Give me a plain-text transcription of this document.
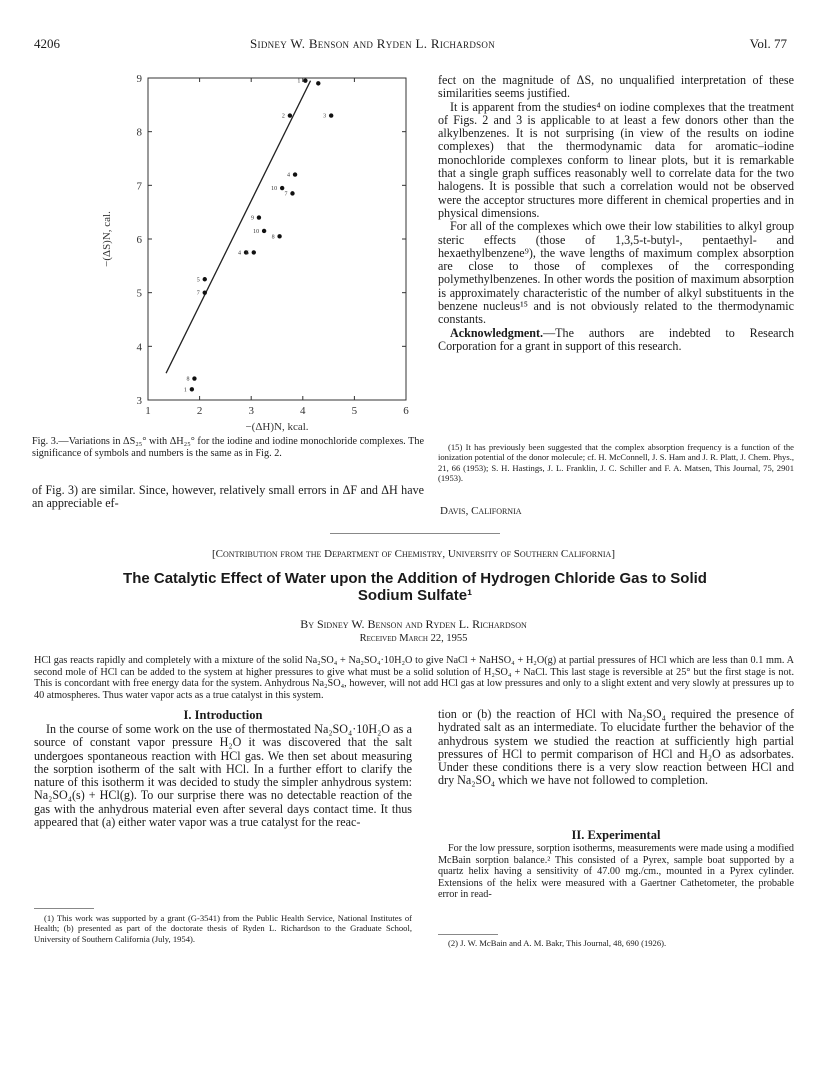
4206	Sidney W. Benson and Ryden L. Richardson	Vol. 77
1	2	3	4	5	6
3
4
5
6
7
8
9	1
2	3
4
10
7
9
10
8
4 6
5
7
8
1
−(ΔH)N, kcal.
−(ΔS)N, cal.
Fig. 3.—Variations in ΔS₂₅° with ΔH₂₅° for the iodine and iodine monochloride complexes. The significance of symbols and numbers is the same as in Fig. 2.

of Fig. 3) are similar. Since, however, relatively small errors in ΔF and ΔH have an appreciable ef-

fect on the magnitude of ΔS, no unqualified interpretation of these similarities seems justified.

It is apparent from the studies⁴ on iodine complexes that the treatment of Figs. 2 and 3 is applicable to at least a few donors other than the alkylbenzenes. It is not surprising (in view of the results on iodine complexes) that the thermodynamic data for aromatic–iodine monochloride complexes conform to linear plots, but it is remarkable that a single graph suffices reasonably well to correlate data for the two halogens. It is possible that such a correlation would not be observed were the acceptor structures more different in chemical properties and in physical dimensions.

For all of the complexes which owe their low stabilities to alkyl group steric effects (those of 1,3,5-t-butyl-, pentaethyl- and hexaethylbenzene⁹), the wave lengths of maximum complex absorption are close to those of complexes of the corresponding polymethylbenzenes. In other words the position of maximum absorption is approximately characteristic of the number of alkyl substituents in the benzene nucleus¹⁵ and is not obviously related to the thermodynamic constants.

Acknowledgment.—The authors are indebted to Research Corporation for a grant in support of this research.

(15) It has previously been suggested that the complex absorption frequency is a function of the ionization potential of the donor molecule; cf. H. McConnell, J. S. Ham and J. R. Platt, J. Chem. Phys., 21, 66 (1953); S. H. Hastings, J. L. Franklin, J. C. Schiller and F. A. Matsen, This Journal, 75, 2901 (1953).

Davis, California
[Contribution from the Department of Chemistry, University of Southern California]
The Catalytic Effect of Water upon the Addition of Hydrogen Chloride Gas to Solid Sodium Sulfate¹
By Sidney W. Benson and Ryden L. Richardson
Received March 22, 1955
HCl gas reacts rapidly and completely with a mixture of the solid Na₂SO₄ + Na₂SO₄·10H₂O to give NaCl + NaHSO₄ + H₂O(g) at partial pressures of HCl which are less than 0.1 mm. A second mole of HCl can be added to the system at higher pressures to give what must be a solid solution of H₂SO₄ + NaCl. This last stage is reversible at 25° but the first stage is not. This is concordant with free energy data for the system. Anhydrous Na₂SO₄, however, will not add HCl gas at low pressures and only to a slight extent and very slowly at pressures up to 40 atmospheres. Thus water vapor acts as a true catalyst in this system.
I. Introduction

In the course of some work on the use of thermostated Na₂SO₄·10H₂O as a source of constant vapor pressure H₂O it was discovered that the salt undergoes spontaneous reaction with HCl gas. We then set about measuring the sorption isotherm of the salt with HCl. In a further effort to clarify the nature of this isotherm it was decided to study the simpler anhydrous system: Na₂SO₄(s) + HCl(g). To our surprise there was no detectable reaction of the gas with the anhydrous material even after several days contact time. It thus appeared that (a) either water vapor was a true catalyst for the reac-

(1) This work was supported by a grant (G-3541) from the Public Health Service, National Institutes of Health; (b) presented as part of the doctorate thesis of Ryden L. Richardson to the Graduate School, University of Southern California (July, 1954).

tion or (b) the reaction of HCl with Na₂SO₄ required the presence of hydrated salt as an intermediate. To elucidate further the behavior of the anhydrous system we studied the reaction at sufficiently high partial pressures of HCl to permit comparison of HCl and H₂O as adsorbates. Under these conditions there is a very slow reaction between HCl and dry Na₂SO₄ which we have not followed to completion.

II. Experimental

For the low pressure, sorption isotherms, measurements were made using a modified McBain sorption balance.² This consisted of a Pyrex, sample boat supported by a quartz helix having a sensitivity of 47.00 mg./cm., mounted in a Pyrex cylinder. Extensions of the helix were measured with a Gaertner Cathetometer, the probable error in read-

(2) J. W. McBain and A. M. Bakr, This Journal, 48, 690 (1926).
